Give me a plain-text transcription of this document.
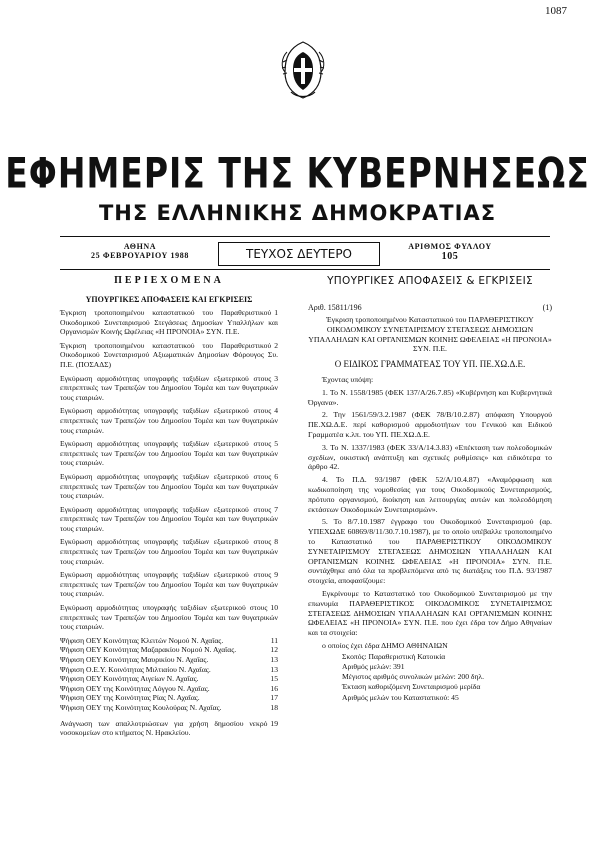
1087
ΕΦΗΜΕΡΙΣ ΤΗΣ ΚΥΒΕΡΝΗΣΕΩΣ
ΤΗΣ ΕΛΛΗΝΙΚΗΣ ΔΗΜΟΚΡΑΤΙΑΣ
ΑΘΗΝΑ
25 ΦΕΒΡΟΥΑΡΙΟΥ 1988	ΤΕΥΧΟΣ ΔΕΥΤΕΡΟ
ΑΡΙΘΜΟΣ ΦΥΛΛΟΥ
105
ΠΕΡΙΕΧΟΜΕΝΑ
ΥΠΟΥΡΓΙΚΕΣ ΑΠΟΦΑΣΕΙΣ ΚΑΙ ΕΓΚΡΙΣΕΙΣ
1
Έγκριση τροποποιημένου καταστατικού του Παραθεριστικού Οικοδομικού Συνεταιρισμού Στεγάσεως Δημοσίων Υπαλλήλων και Οργανισμών Κοινής Ωφέλειας «Η ΠΡΟΝΟΙΑ» ΣΥΝ. Π.Ε.
2
Έγκριση τροποποιημένου καταστατικού του Παραθεριστικού Οικοδομικού Συνεταιρισμού Αξιωματικών Δημοσίων Φόρουγος Συ. Π.Ε. (ΠΟΣΑΔΣ)
3
Εγκύρωση αρμοδιότητας υπογραφής ταξιδίων εξωτερικού στους επιτρεπτικές των Τραπεζών του Δημοσίου Τομέα και των θυγατρικών τους εταιριών.
4
Εγκύρωση αρμοδιότητας υπογραφής ταξιδίων εξωτερικού στους επιτρεπτικές των Τραπεζών του Δημοσίου Τομέα και των θυγατρικών τους εταιριών.
5
Εγκύρωση αρμοδιότητας υπογραφής ταξιδίων εξωτερικού στους επιτρεπτικές των Τραπεζών του Δημοσίου Τομέα και των θυγατρικών τους εταιριών.
6
Εγκύρωση αρμοδιότητας υπογραφής ταξιδίων εξωτερικού στους επιτρεπτικές των Τραπεζών του Δημοσίου Τομέα και των θυγατρικών τους εταιριών.
7
Εγκύρωση αρμοδιότητας υπογραφής ταξιδίων εξωτερικού στους επιτρεπτικές των Τραπεζών του Δημοσίου Τομέα και των θυγατρικών τους εταιριών.
8
Εγκύρωση αρμοδιότητας υπογραφής ταξιδίων εξωτερικού στους επιτρεπτικές των Τραπεζών του Δημοσίου Τομέα και των θυγατρικών τους εταιριών.
9
Εγκύρωση αρμοδιότητας υπογραφής ταξιδίων εξωτερικού στους επιτρεπτικές των Τραπεζών του Δημοσίου Τομέα και των θυγατρικών τους εταιριών.
10
Εγκύρωση αρμοδιότητας υπογραφής ταξιδίων εξωτερικού στους επιτρεπτικές των Τραπεζών του Δημοσίου Τομέα και των θυγατρικών τους εταιριών.
11
Ψήφιση ΟΕΥ Κοινότητας Κλειτών Νομού Ν. Αχαΐας.
12
Ψήφιση ΟΕΥ Κοινότητας Μαζαρακίου Νομού Ν. Αχαΐας.
13
Ψήφιση ΟΕΥ Κοινότητας Μαυρικίου Ν. Αχαΐας.
13
Ψήφιση Ο.Ε.Υ. Κοινότητας Μιλτιαίου Ν. Αχαΐας.
15
Ψήφιση ΟΕΥ Κοινότητας Αιγείων Ν. Αχαΐας.
16
Ψήφιση ΟΕΥ της Κοινότητας Λόγγου Ν. Αχαΐας.
17
Ψήφιση ΟΕΥ της Κοινότητας Ρίας Ν. Αχαΐας.
18
Ψήφιση ΟΕΥ της Κοινότητας Κουλούρας Ν. Αχαΐας.
19
Ανάγνωση των απαλλοτριώσεων για χρήση δημοσίου νεκρό νοσοκομείων στο κτήματος Ν. Ηρακλείου.
ΥΠΟΥΡΓΙΚΕΣ ΑΠΟΦΑΣΕΙΣ & ΕΓΚΡΙΣΕΙΣ
(1)
Αριθ. 15811/196

Έγκριση τροποποιημένου Καταστατικού του ΠΑΡΑΘΕΡΙΣΤΙΚΟΥ ΟΙΚΟΔΟΜΙΚΟΥ ΣΥΝΕΤΑΙΡΙΣΜΟΥ ΣΤΕΓΑΣΕΩΣ ΔΗΜΟΣΙΩΝ ΥΠΑΛΛΗΛΩΝ ΚΑΙ ΟΡΓΑΝΙΣΜΩΝ ΚΟΙΝΗΣ ΩΦΕΛΕΙΑΣ «Η ΠΡΟΝΟΙΑ» ΣΥΝ. Π.Ε.

Ο ΕΙΔΙΚΟΣ ΓΡΑΜΜΑΤΕΑΣ ΤΟΥ ΥΠ. ΠΕ.ΧΩ.Δ.Ε.

Έχοντας υπόψη:

1. Το Ν. 1558/1985 (ΦΕΚ 137/Α/26.7.85) «Κυβέρνηση και Κυβερνητικά Όργανα».

2. Την 1561/59/3.2.1987 (ΦΕΚ 78/Β/10.2.87) απόφαση Υπουργού ΠΕ.ΧΩ.Δ.Ε. περί καθορισμού αρμοδιοτήτων του Γενικού και Ειδικού Γραμματέα κ.λπ. του ΥΠ. ΠΕ.ΧΩ.Δ.Ε.

3. Το Ν. 1337/1983 (ΦΕΚ 33/Α/14.3.83) «Επέκταση των πολεοδομικών σχεδίων, οικιστική ανάπτυξη και σχετικές ρυθμίσεις» και ειδικότερα το άρθρο 42.

4. Το Π.Δ. 93/1987 (ΦΕΚ 52/Α/10.4.87) «Αναμόρφωση και κωδικοποίηση της νομοθεσίας για τους Οικοδομικούς Συνεταιρισμούς, πρότυπο οργανισμού, διοίκηση και λειτουργίας αυτών και πολεοδόμηση εκτάσεων Οικοδομικών Συνεταιρισμών».

5. Το 8/7.10.1987 έγγραφο του Οικοδομικού Συνεταιρισμού (αρ. ΥΠΕΧΩΔΕ 60869/8/11/30.7.10.1987), με το οποίο υπέβαλλε τροποποιημένο το Καταστατικό του ΠΑΡΑΘΕΡΙΣΤΙΚΟΥ ΟΙΚΟΔΟΜΙΚΟΥ ΣΥΝΕΤΑΙΡΙΣΜΟΥ ΣΤΕΓΑΣΕΩΣ ΔΗΜΟΣΙΩΝ ΥΠΑΛΛΗΛΩΝ ΚΑΙ ΟΡΓΑΝΙΣΜΩΝ ΚΟΙΝΗΣ ΩΦΕΛΕΙΑΣ «Η ΠΡΟΝΟΙΑ» ΣΥΝ. Π.Ε. συντάχθηκε από όλα τα προβλεπόμενα από τις διατάξεις του Π.Δ. 93/1987 στοιχεία, αποφασίζουμε:

Εγκρίνουμε το Καταστατικό του Οικοδομικού Συνεταιρισμού με την επωνυμία ΠΑΡΑΘΕΡΙΣΤΙΚΟΣ ΟΙΚΟΔΟΜΙΚΟΣ ΣΥΝΕΤΑΙΡΙΣΜΟΣ ΣΤΕΓΑΣΕΩΣ ΔΗΜΟΣΙΩΝ ΥΠΑΛΛΗΛΩΝ ΚΑΙ ΟΡΓΑΝΙΣΜΩΝ ΚΟΙΝΗΣ ΩΦΕΛΕΙΑΣ «Η ΠΡΟΝΟΙΑ» ΣΥΝ. Π.Ε. που έχει έδρα τον Δήμο Αθηναίων και τα στοιχεία:

ο οποίος έχει έδρα ΔΗΜΟ ΑΘΗΝΑΙΩΝ

Σκοπός: Παραθεριστική Κατοικία

Αριθμός μελών: 391

Μέγιστος αριθμός συνολικών μελών: 200 δηλ.

Έκταση καθοριζόμενη Συνεταιρισμού μερίδα

Αριθμός μελών του Καταστατικού: 45
